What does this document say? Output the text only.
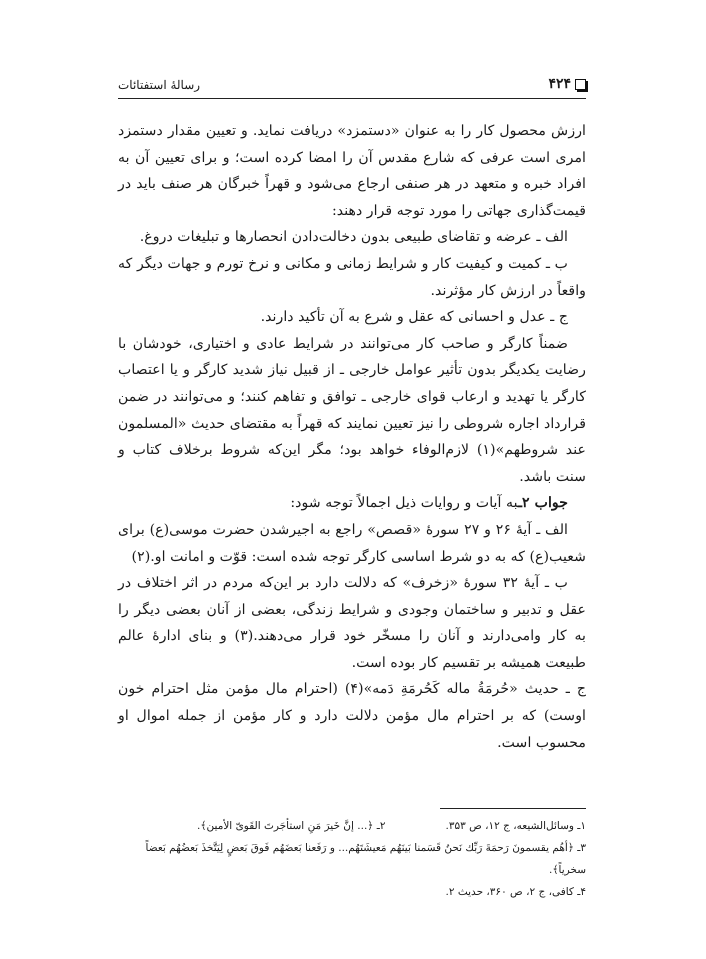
۴۲۴
رسالۀ استفتائات

ارزش محصول کار را به عنوان «دستمزد» دریافت نماید. و تعیین مقدار دستمزد امری است عرفی که شارع مقدس آن را امضا کرده است؛ و برای تعیین آن به افراد خبره و متعهد در هر صنفی ارجاع می‌شود و قهراً خبرگان هر صنف باید در قیمت‌گذاری جهاتی را مورد توجه قرار دهند:

الف ـ عرضه و تقاضای طبیعی بدون دخالت‌دادن انحصارها و تبلیغات دروغ.

ب ـ کمیت و کیفیت کار و شرایط زمانی و مکانی و نرخ تورم و جهات دیگر که واقعاً در ارزش کار مؤثرند.

ج ـ عدل و احسانی که عقل و شرع به آن تأکید دارند.

ضمناً کارگر و صاحب کار می‌توانند در شرایط عادی و اختیاری، خودشان با رضایت یکدیگر بدون تأثیر عوامل خارجی ـ از قبیل نیاز شدید کارگر و یا اعتصاب کارگر یا تهدید و ارعاب قوای خارجی ـ توافق و تفاهم کنند؛ و می‌توانند در ضمن قرارداد اجاره شروطی را نیز تعیین نمایند که قهراً به مقتضای حدیث «المسلمون عند شروطهم»(۱) لازم‌الوفاء خواهد بود؛ مگر این‌که شروط برخلاف کتاب و سنت باشد.

جواب ۲ـبه آیات و روایات ذیل اجمالاً توجه شود:

الف ـ آیۀ ۲۶ و ۲۷ سورۀ «قصص» راجع به اجیرشدن حضرت موسی(ع) برای شعیب(ع) که به دو شرط اساسی کارگر توجه شده است: قوّت و امانت او.(۲)

ب ـ آیۀ ۳۲ سورۀ «زخرف» که دلالت دارد بر این‌که مردم در اثر اختلاف در عقل و تدبیر و ساختمان وجودی و شرایط زندگی، بعضی از آنان بعضی دیگر را به کار وامی‌دارند و آنان را مسخّر خود قرار می‌دهند.(۳) و بنای ادارۀ عالم طبیعت همیشه بر تقسیم کار بوده است.

ج ـ حدیث «حُرمَةُ ماله کَحُرمَةِ دَمه»(۴) (احترام مال مؤمن مثل احترام خون اوست) که بر احترام مال مؤمن دلالت دارد و کار مؤمن از جمله اموال او محسوب است.

۱ـ وسائل‌الشیعه، ج ۱۲، ص ۳۵۳.
۲ـ ﴿... إنَّ خَیرَ مَنِ استأجَرتَ القَویّ الأمین﴾.
۳ـ ﴿أهُم یقسمونَ رَحمَةَ رَبِّك نَحنُ قَسَمنا بَینَهُم مَعیشَتَهُم... و رَفَعنا بَعضَهُم فَوقَ بَعضٍ لِیَتَّخذَ بَعضُهُم بَعضاً سخریاً﴾.
۴ـ کافی، ج ۲، ص ۳۶۰، حدیث ۲.
